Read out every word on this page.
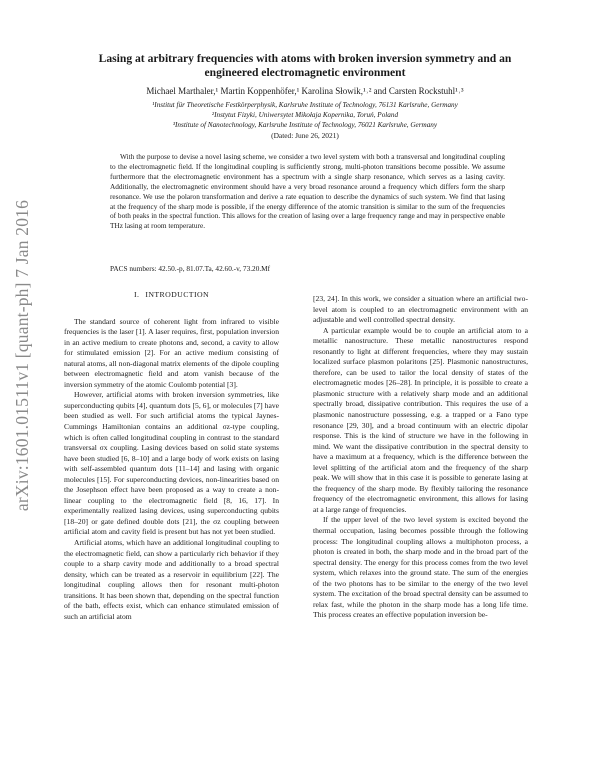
arXiv:1601.01511v1 [quant-ph] 7 Jan 2016
Lasing at arbitrary frequencies with atoms with broken inversion symmetry and an
engineered electromagnetic environment
Michael Marthaler,¹ Martin Koppenhöfer,¹ Karolina Słowik,¹˒² and Carsten Rockstuhl¹˒³
¹Institut für Theoretische Festkörperphysik, Karlsruhe Institute of Technology, 76131 Karlsruhe, Germany
²Instytut Fizyki, Uniwersytet Mikołaja Kopernika, Toruń, Poland
³Institute of Nanotechnology, Karlsruhe Institute of Technology, 76021 Karlsruhe, Germany
(Dated: June 26, 2021)

With the purpose to devise a novel lasing scheme, we consider a two level system with both a transversal and longitudinal coupling to the electromagnetic field. If the longitudinal coupling is sufficiently strong, multi-photon transitions become possible. We assume furthermore that the electromagnetic environment has a spectrum with a single sharp resonance, which serves as a lasing cavity. Additionally, the electromagnetic environment should have a very broad resonance around a frequency which differs form the sharp resonance. We use the polaron transformation and derive a rate equation to describe the dynamics of such system. We find that lasing at the frequency of the sharp mode is possible, if the energy difference of the atomic transition is similar to the sum of the frequencies of both peaks in the spectral function. This allows for the creation of lasing over a large frequency range and may in perspective enable THz lasing at room temperature.

PACS numbers: 42.50.-p, 81.07.Ta, 42.60.-v, 73.20.Mf
I. INTRODUCTION

The standard source of coherent light from infrared to visible frequencies is the laser [1]. A laser requires, first, population inversion in an active medium to create photons and, second, a cavity to allow for stimulated emission [2]. For an active medium consisting of natural atoms, all non-diagonal matrix elements of the dipole coupling between electromagnetic field and atom vanish because of the inversion symmetry of the atomic Coulomb potential [3].

However, artificial atoms with broken inversion symmetries, like superconducting qubits [4], quantum dots [5, 6], or molecules [7] have been studied as well. For such artificial atoms the typical Jaynes-Cummings Hamiltonian contains an additional σz-type coupling, which is often called longitudinal coupling in contrast to the standard transversal σx coupling. Lasing devices based on solid state systems have been studied [6, 8–10] and a large body of work exists on lasing with self-assembled quantum dots [11–14] and lasing with organic molecules [15]. For superconducting devices, non-linearities based on the Josephson effect have been proposed as a way to create a non-linear coupling to the electromagnetic field [8, 16, 17]. In experimentally realized lasing devices, using superconducting qubits [18–20] or gate defined double dots [21], the σz coupling between artificial atom and cavity field is present but has not yet been studied.

Artificial atoms, which have an additional longitudinal coupling to the electromagnetic field, can show a particularly rich behavior if they couple to a sharp cavity mode and additionally to a broad spectral density, which can be treated as a reservoir in equilibrium [22]. The longitudinal coupling allows then for resonant multi-photon transitions. It has been shown that, depending on the spectral function of the bath, effects exist, which can enhance stimulated emission of such an artificial atom

[23, 24]. In this work, we consider a situation where an artificial two-level atom is coupled to an electromagnetic environment with an adjustable and well controlled spectral density.

A particular example would be to couple an artificial atom to a metallic nanostructure. These metallic nanostructures respond resonantly to light at different frequencies, where they may sustain localized surface plasmon polaritons [25]. Plasmonic nanostructures, therefore, can be used to tailor the local density of states of the electromagnetic modes [26–28]. In principle, it is possible to create a plasmonic structure with a relatively sharp mode and an additional spectrally broad, dissipative contribution. This requires the use of a plasmonic nanostructure possessing, e.g. a trapped or a Fano type resonance [29, 30], and a broad continuum with an electric dipolar response. This is the kind of structure we have in the following in mind. We want the dissipative contribution in the spectral density to have a maximum at a frequency, which is the difference between the level splitting of the artificial atom and the frequency of the sharp peak. We will show that in this case it is possible to generate lasing at the frequency of the sharp mode. By flexibly tailoring the resonance frequency of the electromagnetic environment, this allows for lasing at a large range of frequencies.

If the upper level of the two level system is excited beyond the thermal occupation, lasing becomes possible through the following process: The longitudinal coupling allows a multiphoton process, a photon is created in both, the sharp mode and in the broad part of the spectral density. The energy for this process comes from the two level system, which relaxes into the ground state. The sum of the energies of the two photons has to be similar to the energy of the two level system. The excitation of the broad spectral density can be assumed to relax fast, while the photon in the sharp mode has a long life time. This process creates an effective population inversion be-
